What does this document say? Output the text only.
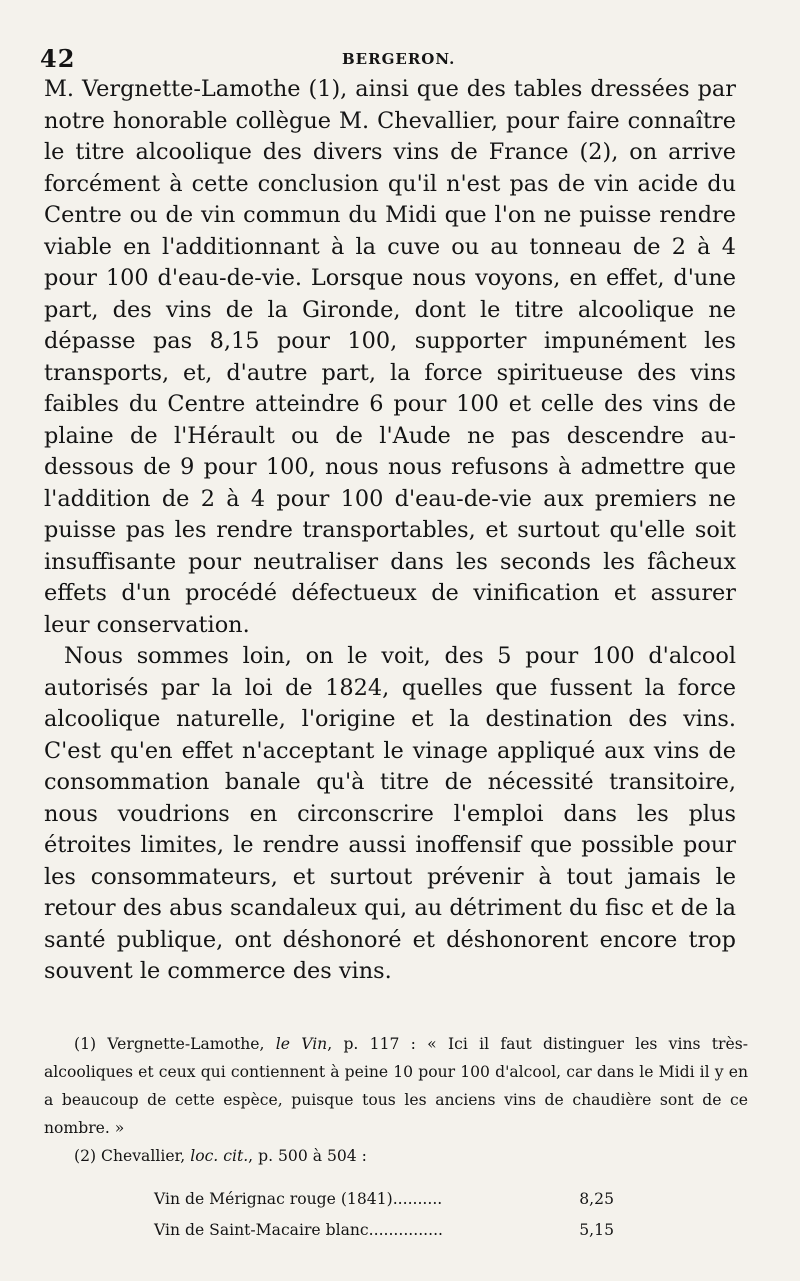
42	BERGERON.

M. Vergnette-Lamothe (1), ainsi que des tables dressées par notre honorable collègue M. Chevallier, pour faire connaître le titre alcoolique des divers vins de France (2), on arrive forcément à cette conclusion qu'il n'est pas de vin acide du Centre ou de vin commun du Midi que l'on ne puisse rendre viable en l'additionnant à la cuve ou au tonneau de 2 à 4 pour 100 d'eau-de-vie. Lorsque nous voyons, en effet, d'une part, des vins de la Gironde, dont le titre alcoolique ne dépasse pas 8,15 pour 100, supporter impunément les transports, et, d'autre part, la force spiritueuse des vins faibles du Centre atteindre 6 pour 100 et celle des vins de plaine de l'Hérault ou de l'Aude ne pas descendre au-dessous de 9 pour 100, nous nous refusons à admettre que l'addition de 2 à 4 pour 100 d'eau-de-vie aux premiers ne puisse pas les rendre transportables, et surtout qu'elle soit insuffisante pour neutraliser dans les seconds les fâcheux effets d'un procédé défectueux de vinification et assurer leur conservation.

Nous sommes loin, on le voit, des 5 pour 100 d'alcool autorisés par la loi de 1824, quelles que fussent la force alcoolique naturelle, l'origine et la destination des vins. C'est qu'en effet n'acceptant le vinage appliqué aux vins de consommation banale qu'à titre de nécessité transitoire, nous voudrions en circonscrire l'emploi dans les plus étroites limites, le rendre aussi inoffensif que possible pour les consommateurs, et surtout prévenir à tout jamais le retour des abus scandaleux qui, au détriment du fisc et de la santé publique, ont déshonoré et déshonorent encore trop souvent le commerce des vins.

(1) Vergnette-Lamothe, le Vin, p. 117 : « Ici il faut distinguer les vins très-alcooliques et ceux qui contiennent à peine 10 pour 100 d'alcool, car dans le Midi il y en a beaucoup de cette espèce, puisque tous les anciens vins de chaudière sont de ce nombre. »

(2) Chevallier, loc. cit., p. 500 à 504 :

Vin de Mérignac rouge (1841)..........	8,25
Vin de Saint-Macaire blanc...............	5,15
